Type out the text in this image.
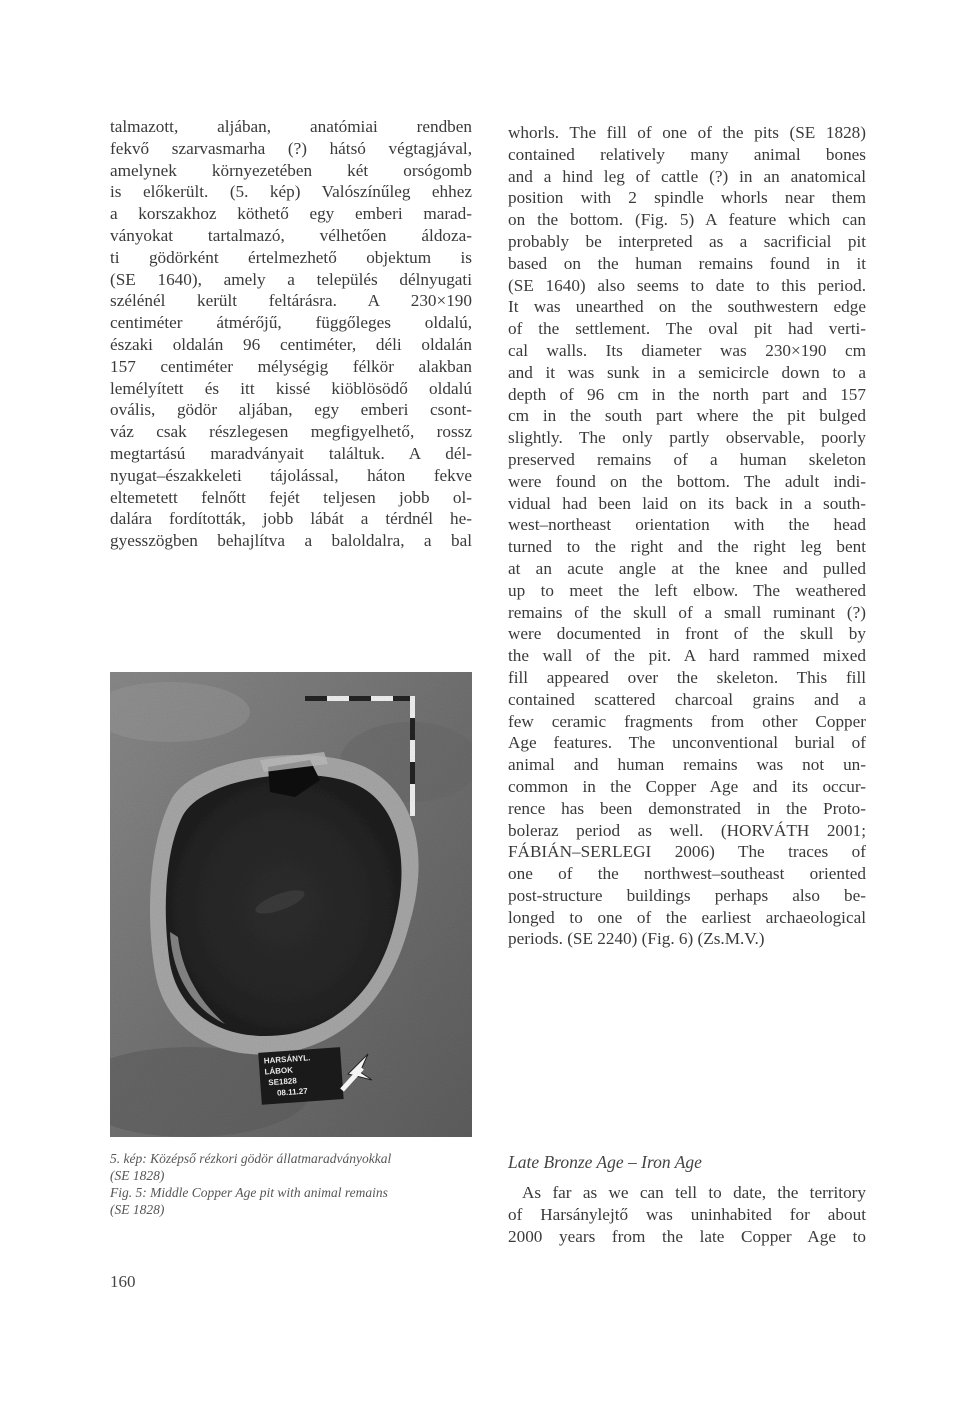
talmazott, aljában, anatómiai rendben
fekvő szarvasmarha (?) hátsó végtagjával,
amelynek környezetében két orsógomb
is előkerült. (5. kép) Valószínűleg ehhez
a korszakhoz köthető egy emberi marad-
ványokat tartalmazó, vélhetően áldoza-
ti gödörként értelmezhető objektum is
(SE 1640), amely a település délnyugati
szélénél került feltárásra. A 230×190
centiméter átmérőjű, függőleges oldalú,
északi oldalán 96 centiméter, déli oldalán
157 centiméter mélységig félkör alakban
lemélyített és itt kissé kiöblösödő oldalú
ovális, gödör aljában, egy emberi csont-
váz csak részlegesen megfigyelhető, rossz
megtartású maradványait találtuk. A dél-
nyugat–északkeleti tájolással, háton fekve
eltemetett felnőtt fejét teljesen jobb ol-
dalára fordították, jobb lábát a térdnél he-
gyesszögben behajlítva a baloldalra, a bal
HARSÁNYL.
LÁBOK
SE1828
08.11.27
5. kép: Középső rézkori gödör állatmaradványokkal
(SE 1828)
Fig. 5: Middle Copper Age pit with animal remains
(SE 1828)
whorls. The fill of one of the pits (SE 1828)
contained relatively many animal bones
and a hind leg of cattle (?) in an anatomical
position with 2 spindle whorls near them
on the bottom. (Fig. 5) A feature which can
probably be interpreted as a sacrificial pit
based on the human remains found in it
(SE 1640) also seems to date to this period.
It was unearthed on the southwestern edge
of the settlement. The oval pit had verti-
cal walls. Its diameter was 230×190 cm
and it was sunk in a semicircle down to a
depth of 96 cm in the north part and 157
cm in the south part where the pit bulged
slightly. The only partly observable, poorly
preserved remains of a human skeleton
were found on the bottom. The adult indi-
vidual had been laid on its back in a south-
west–northeast orientation with the head
turned to the right and the right leg bent
at an acute angle at the knee and pulled
up to meet the left elbow. The weathered
remains of the skull of a small ruminant (?)
were documented in front of the skull by
the wall of the pit. A hard rammed mixed
fill appeared over the skeleton. This fill
contained scattered charcoal grains and a
few ceramic fragments from other Copper
Age features. The unconventional burial of
animal and human remains was not un-
common in the Copper Age and its occur-
rence has been demonstrated in the Proto-
boleraz period as well. (HORVÁTH 2001;
FÁBIÁN–SERLEGI 2006) The traces of
one of the northwest–southeast oriented
post-structure buildings perhaps also be-
longed to one of the earliest archaeological
periods. (SE 2240) (Fig. 6) (Zs.M.V.)
Late Bronze Age – Iron Age
As far as we can tell to date, the territory
of Harsánylejtő was uninhabited for about
2000 years from the late Copper Age to
160
